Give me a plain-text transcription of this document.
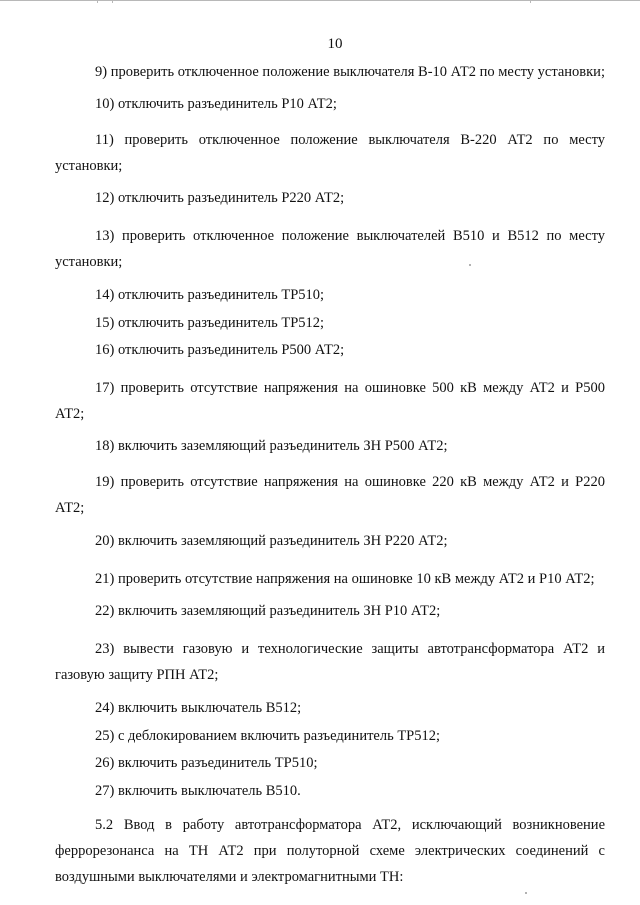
10

9) проверить отключенное положение выключателя В-10 АТ2 по месту установки;

10) отключить разъединитель Р10 АТ2;

11) проверить отключенное положение выключателя В-220 АТ2 по месту установки;

12) отключить разъединитель Р220 АТ2;

13) проверить отключенное положение выключателей В510 и В512 по месту установки;

14) отключить разъединитель ТР510;

15) отключить разъединитель ТР512;

16) отключить разъединитель Р500 АТ2;

17) проверить отсутствие напряжения на ошиновке 500 кВ между АТ2 и Р500 АТ2;

18) включить заземляющий разъединитель ЗН Р500 АТ2;

19) проверить отсутствие напряжения на ошиновке 220 кВ между АТ2 и Р220 АТ2;

20) включить заземляющий разъединитель ЗН Р220 АТ2;

21) проверить отсутствие напряжения на ошиновке 10 кВ между АТ2 и Р10 АТ2;

22) включить заземляющий разъединитель ЗН Р10 АТ2;

23) вывести газовую и технологические защиты автотрансформатора АТ2 и газовую защиту РПН АТ2;

24) включить выключатель В512;

25) с деблокированием включить разъединитель ТР512;

26) включить разъединитель ТР510;

27) включить выключатель В510.

5.2 Ввод в работу автотрансформатора АТ2, исключающий возникновение феррорезонанса на ТН АТ2 при полуторной схеме электрических соединений с воздушными выключателями и электромагнитными ТН:
